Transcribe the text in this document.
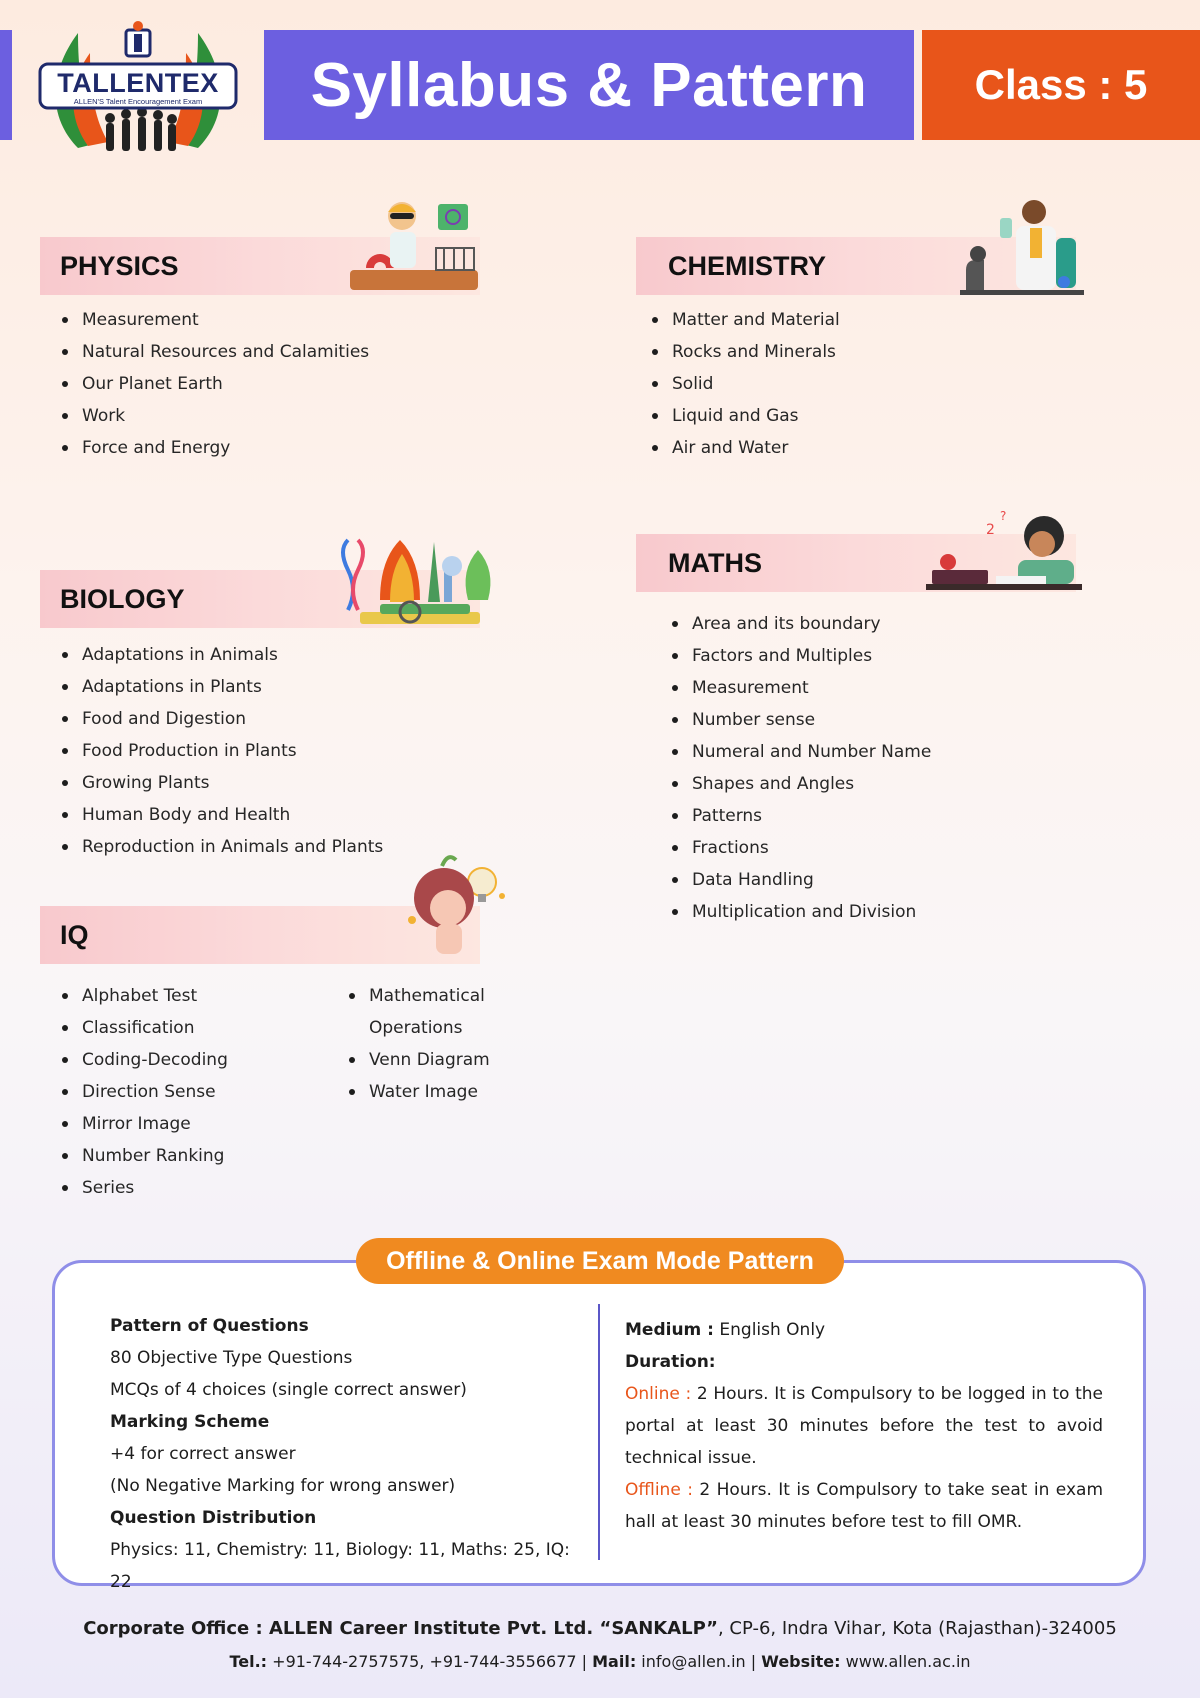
TALLENTEX
ALLEN'S Talent Encouragement Exam	Syllabus & Pattern	Class : 5
PHYSICS
Measurement
Natural Resources and Calamities
Our Planet Earth
Work
Force and Energy
CHEMISTRY
Matter and Material
Rocks and Minerals
Solid
Liquid and Gas
Air and Water
BIOLOGY
Adaptations in Animals
Adaptations in Plants
Food and Digestion
Food Production in Plants
Growing Plants
Human Body and Health
Reproduction in Animals and Plants
MATHS
2
?
Area and its boundary
Factors and Multiples
Measurement
Number sense
Numeral and Number Name
Shapes and Angles
Patterns
Fractions
Data Handling
Multiplication and Division
IQ
Alphabet Test
Classification
Coding-Decoding
Direction Sense
Mirror Image
Number Ranking
Series
Mathematical Operations
Venn Diagram
Water Image
Offline & Online Exam Mode Pattern
Pattern of Questions
80 Objective Type Questions
MCQs of 4 choices (single correct answer)
Marking Scheme
+4 for correct answer
(No Negative Marking for wrong answer)
Question Distribution
Physics: 11, Chemistry: 11, Biology: 11, Maths: 25, IQ: 22
Medium : English Only
Duration:
Online : 2 Hours. It is Compulsory to be logged in to the portal at least 30 minutes before the test to avoid technical issue.
Offline : 2 Hours. It is Compulsory to take seat in exam hall at least 30 minutes before test to fill OMR.
Corporate Office : ALLEN Career Institute Pvt. Ltd. “SANKALP”, CP-6, Indra Vihar, Kota (Rajasthan)-324005
Tel.: +91-744-2757575, +91-744-3556677 | Mail: info@allen.in | Website: www.allen.ac.in
